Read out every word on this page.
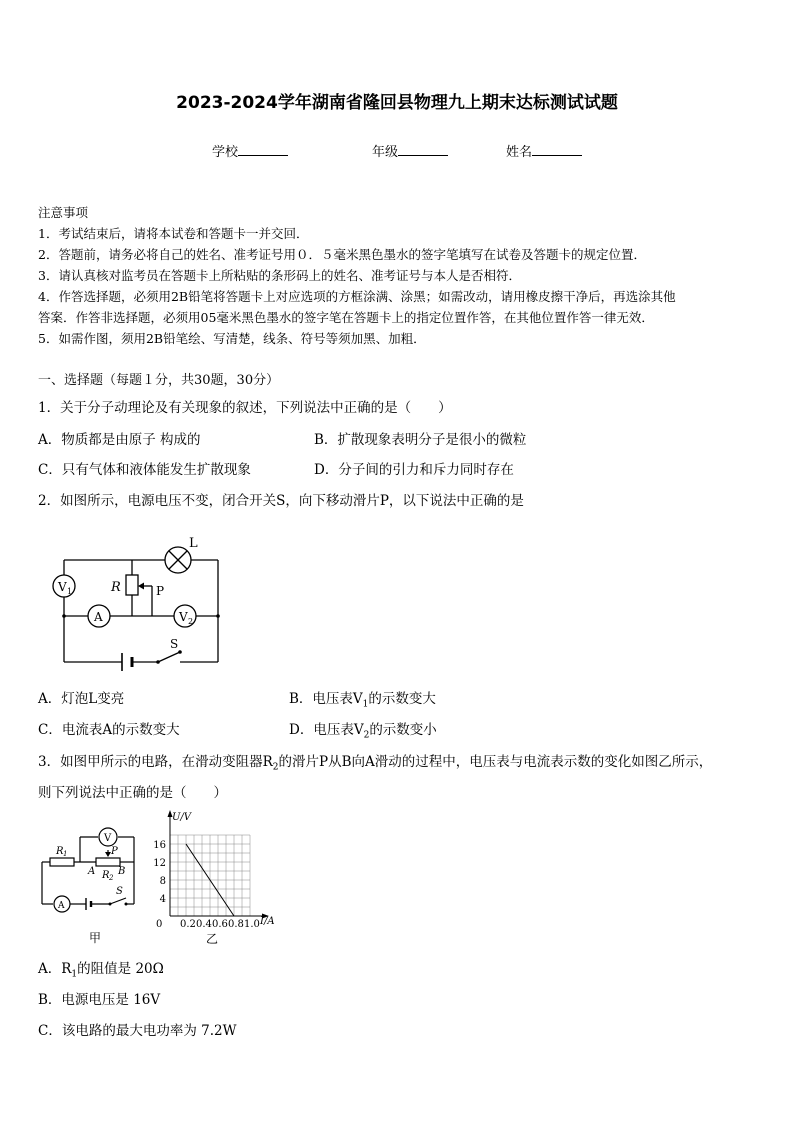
2023-2024学年湖南省隆回县物理九上期末达标测试试题
学校	年级	姓名
注意事项
1．考试结束后，请将本试卷和答题卡一并交回．
2．答题前，请务必将自己的姓名、准考证号用０．５毫米黑色墨水的签字笔填写在试卷及答题卡的规定位置．
3．请认真核对监考员在答题卡上所粘贴的条形码上的姓名、准考证号与本人是否相符．
4．作答选择题，必须用2B铅笔将答题卡上对应选项的方框涂满、涂黑；如需改动，请用橡皮擦干净后，再选涂其他
答案．作答非选择题，必须用05毫米黑色墨水的签字笔在答题卡上的指定位置作答，在其他位置作答一律无效．
5．如需作图，须用2B铅笔绘、写清楚，线条、符号等须加黑、加粗．
一、选择题（每题１分，共30题，30分）
1．关于分子动理论及有关现象的叙述，下列说法中正确的是（　　）
A．物质都是由原子 构成的	B．扩散现象表明分子是很小的微粒
C．只有气体和液体能发生扩散现象	D．分子间的引力和斥力同时存在
2．如图所示，电源电压不变，闭合开关S，向下移动滑片P，以下说法中正确的是
L
V 1	R	P
A	V 2
S
A．灯泡L变亮	B．电压表$V_1$的示数变大
C．电流表A的示数变大	D．电压表$V_2$的示数变小
3．如图甲所示的电路，在滑动变阻器$R_2$的滑片P从B向A滑动的过程中，电压表与电流表示数的变化如图乙所示，
则下列说法中正确的是（　　）
V
R 1	P
A R 2
B
S
A
甲
0 0.2 0.4 0.6 0.8 1.0
4
8
12
16
U/V
I/A
乙
A．$R_1$的阻值是 20Ω
B．电源电压是 16V
C．该电路的最大电功率为 7.2W
